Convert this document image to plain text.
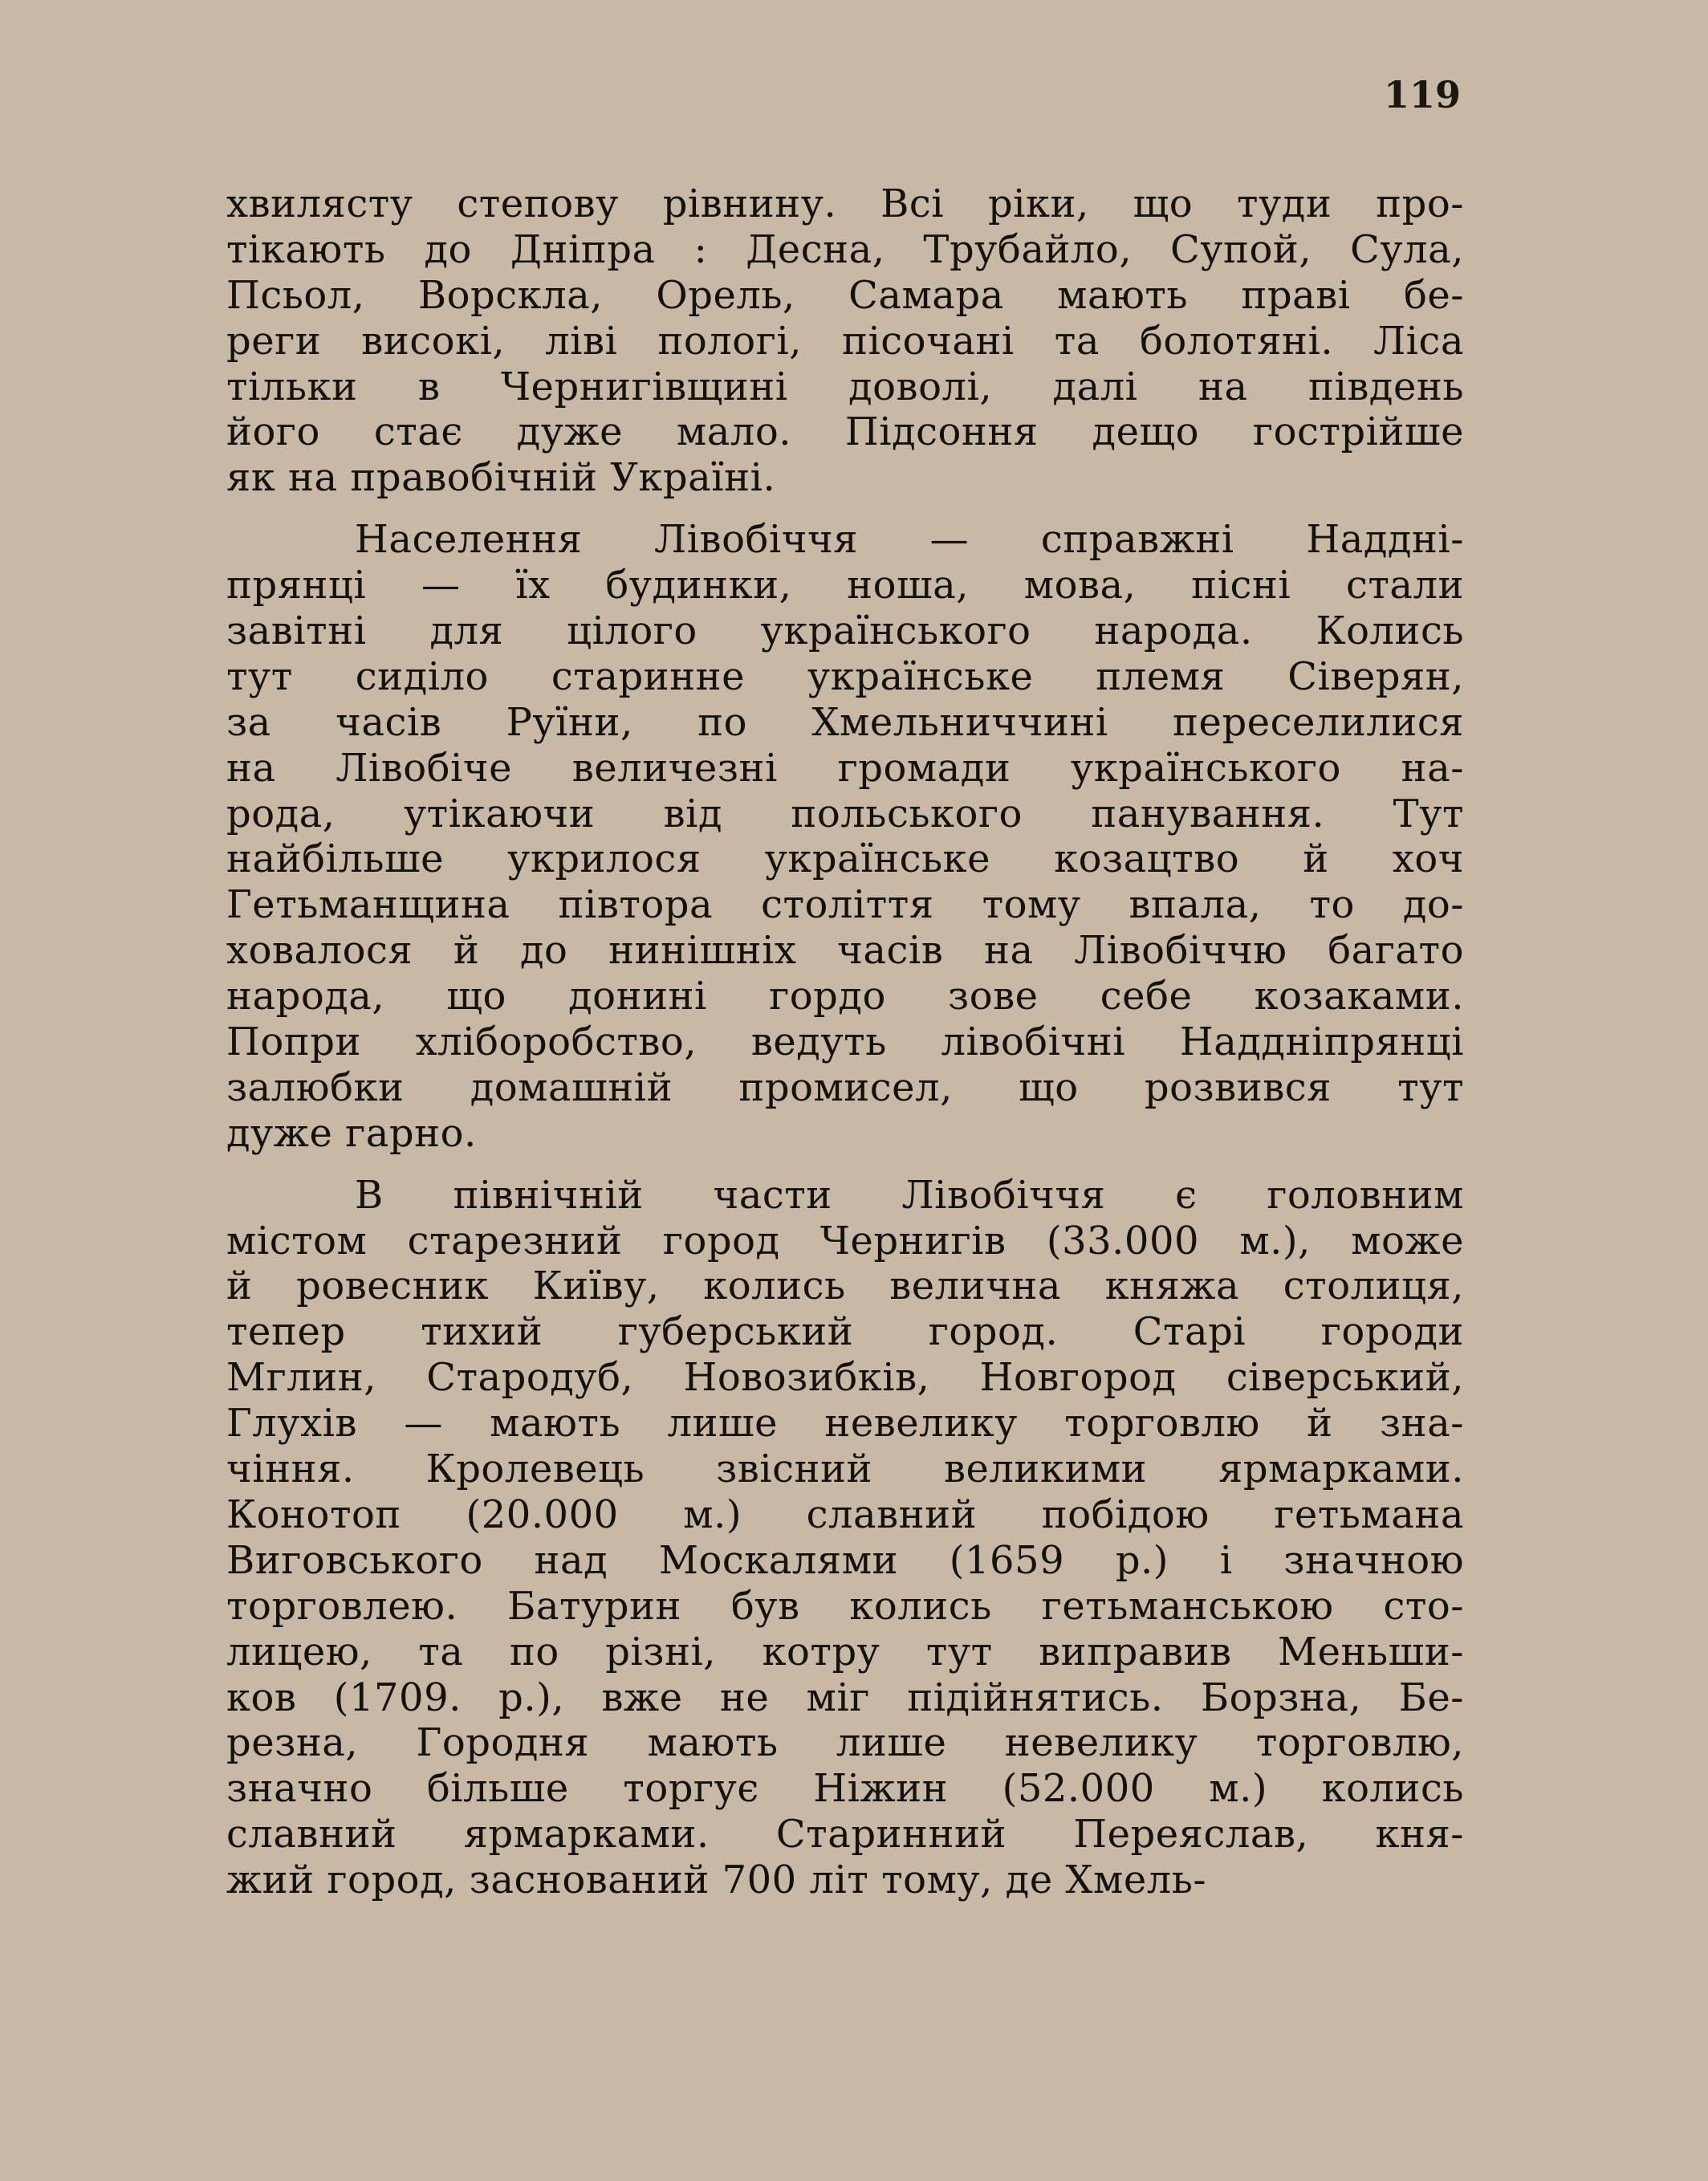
119
хвилясту степову рівнину. Всі ріки, що туди про-
тікають до Дніпра : Десна, Трубайло, Супой, Сула,
Псьол, Ворскла, Орель, Самара мають праві бе-
реги високі, ліві пологі, пісочані та болотяні. Ліса
тільки в Чернигівщині доволі, далі на південь
його стає дуже мало. Підсоння дещо гострійше
як на правобічній Україні.
Населення Лівобіччя — справжні Наддні-
прянці — їх будинки, ноша, мова, пісні стали
завітні для цілого українського народа. Колись
тут сиділо старинне українське племя Сіверян,
за часів Руїни, по Хмельниччині переселилися
на Лівобіче величезні громади українського на-
рода, утікаючи від польського панування. Тут
найбільше укрилося українське козацтво й хоч
Гетьманщина півтора століття тому впала, то до-
ховалося й до нинішніх часів на Лівобіччю багато
народа, що донині гордо зове себе козаками.
Попри хліборобство, ведуть лівобічні Наддніпрянці
залюбки домашній промисел, що розвився тут
дуже гарно.
В північній части Лівобіччя є головним
містом старезний город Чернигів (33.000 м.), може
й ровесник Київу, колись велична княжа столиця,
тепер тихий губерський город. Старі городи
Мглин, Стародуб, Новозибків, Новгород сіверський,
Глухів — мають лише невелику торговлю й зна-
чіння. Кролевець звісний великими ярмарками.
Конотоп (20.000 м.) славний побідою гетьмана
Виговського над Москалями (1659 р.) і значною
торговлею. Батурин був колись гетьманською сто-
лицею, та по різні, котру тут виправив Меньши-
ков (1709. р.), вже не міг підійнятись. Борзна, Бе-
резна, Городня мають лише невелику торговлю,
значно більше торгує Ніжин (52.000 м.) колись
славний ярмарками. Старинний Переяслав, кня-
жий город, заснований 700 літ тому, де Хмель-
